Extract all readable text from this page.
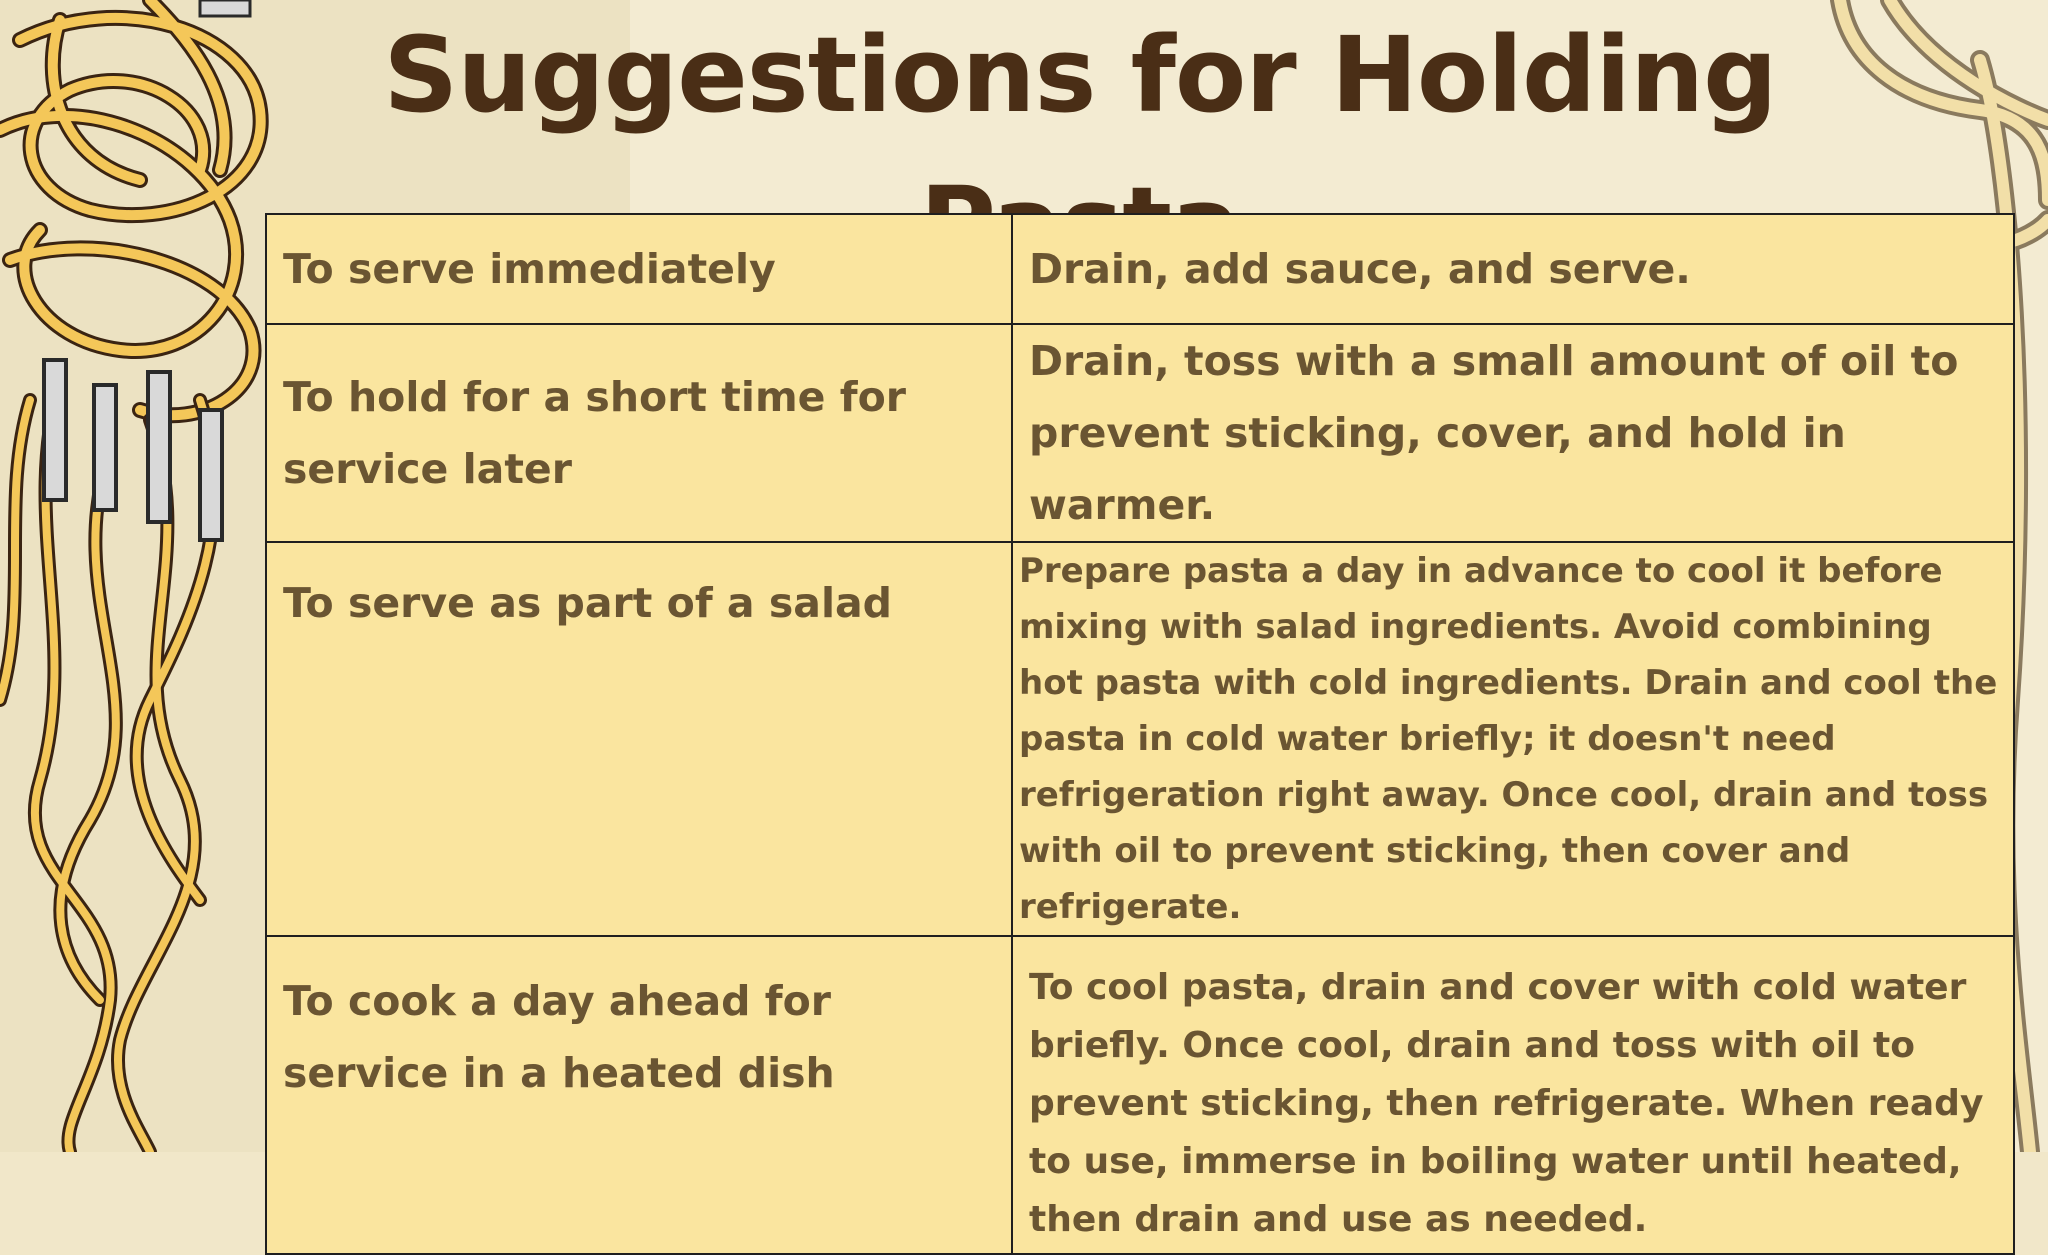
Suggestions for Holding
To serve immediately	Drain, add sauce, and serve.
To hold for a short time for service later	Drain, toss with a small amount of oil to prevent sticking, cover, and hold in warmer.
To serve as part of a salad	Prepare pasta a day in advance to cool it before mixing with salad ingredients. Avoid combining hot pasta with cold ingredients. Drain and cool the pasta in cold water briefly; it doesn't need refrigeration right away. Once cool, drain and toss with oil to prevent sticking, then cover and refrigerate.
To cook a day ahead for service in a heated dish	To cool pasta, drain and cover with cold water briefly. Once cool, drain and toss with oil to prevent sticking, then refrigerate. When ready to use, immerse in boiling water until heated, then drain and use as needed.
